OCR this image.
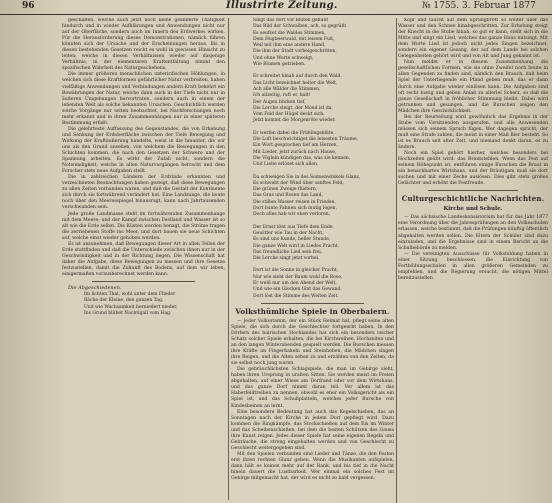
96	Illustrirte Zeitung.	№ 1755. 3. Februar 1877

geschaffen, welche auch jetzt noch keine geänderte Thätigkeit hindurch und in wieder Aufklärungen und Anwendungen nicht nur auf der Oberfläche, sondern auch im Innern des Erdwerkes wirken. Für die Herausforderung dieses Demonstrationen, nämlich führen könnten sich der Ursache und der Erscheinungen heraus. Bis in diesen bestehenden Gesetzen reicht es wohl in gewissen Hinsicht zu leiten; welche in diesen Verhältnissen wieder auf dasjenige Verhältnis, in der elementaren Kraftentfaltung nimmt den spezifischen Wahrheit des Naturgeschehens.

Die immer größeren menschlichen unterirdischen Höhlungen, in welchen sich diese Kraftformen gefährlicher Natur verbreiten, haben vielfältige Anwendungen und Verbindungen andern Kraft bekehrt ein Bewährungen der Natur, welche dann auch in der Tiefe nicht nur in äußeren Umgebungen hervortraten, sondern auch in einem der lebenden Welt als solche bekannten Ursachen. Geschichtlich werden solche Vorgänge nur selten beobachtet, bei Nachforschungen noch mehr erkannt und in ihren Zusammenhängen nur in einer späteren Bestimmung erfaßt.

Die gelehrteste Auffassung des Gegenstandes, die von Erhebung und Senkung der Erdoberfläche zwischen der Tiefe Bewegung und Wirkung der Kraftäußerung handelte, weist in die hinunter, die wir uns als den Grund ansehen, von welchem die Bewegungen in den Schichten kommen, die nach den Gesetzen der Schwere und der Spannung arbeiten. Es wirkt der Zufall nicht, sondern die Notwendigkeit, welche in allen Naturvorgängen herrscht und dem Forscher stets neue Aufgaben stellt.

Die in zahlreichen Ländern der Erdrinde erkannten und verzeichneten Beobachtungen haben gezeigt, daß diese Bewegungen zu allen Zeiten vorhanden waren, und daß die Gestalt der Kontinente sich durch sie fortwährend verändert hat. Eine Landzunge, die heute noch über den Meeresspiegel hinausragt, kann nach Jahrtausenden verschwunden sein.

Jede große Landmasse steht im fortwährenden Zusammenhange mit dem Meere; und der Kampf zwischen Festland und Wasser ist so alt wie die Erde selbst. Die Küsten werden benagt, die Ströme tragen die zerriebenen Stoffe ins Meer, und dort bauen sie neue Schichten auf, welche einst wieder gehoben werden.

Es ist anzunehmen, daß Bewegungen dieser Art in allen Teilen der Erde stattfinden und daß die Unterschiede zwischen ihnen nur in der Geschwindigkeit und in der Richtung liegen. Die Wissenschaft hat daher die Aufgabe, diese Bewegungen zu messen und ihre Gesetze festzustellen, damit die Zukunft des Bodens, auf dem wir leben, einigermaßen vorausberechnet werden kann.

Die Abgeschiedenen.

Im lichten Thal, wohl unter dem Flieder

Bäche der Kleine, den ganzen Tag.

Und wie Wachsamkeit herniedert nieder,

Ins Grund blühet Nachtigall vom Hag.

Singt das dort vor Blüten gehüllt

Das Bild der Schwalben, ach, so gegrüßt

Es seufzet die Waldes Stimmen,

Dem Hugbeerwald, mit leisem Fuß,

Weil mit ihm eine andere Hand,

Die ihm der Stadt vorbeigeschritten,

Und ohne Worte schwelgt,

Wie Blumen getrieben.

Er schreitet hinab auf durch den Wald,

Das Licht bezeichnet heiter die Welt,

Ach alle Wälder die Stimmen,

Ich allzeitig, ruft er, halt!

Der Augen blicken tief,

Die Lerche steigt, der Mond ist da,

Vom Feld der Hügel deckt sich,

Jetzt kommt die Morgenröte wieder.

Er werfen dabei die Frühlingsblüte,

Die Luft beschwichtiget die leisesten Träume,

Ein Wort gesprochen tief am Herzen,

Mit Lieder, jetzt zurück nach Hause,

Die Vöglein kündigen das, was sie kennen,

Und Liebe erlöset sich allen,

Da schweigen Sie in des Sonnenwinkels Glanz,

Es schwebt der Wind über sanftes Feld,

Die grünen Zweige flüstern,

Das Gras und Rosen das Land,

Die stillen Wasser reisen in Frieden,

Dort bunte Fahnen sich mutig legen,

Doch alles hab wir eben verloren,

Der Ernst tönt aus Tiefe dem Ende,

Gewitter wie Tau in der Nacht,

Es sind uns Kunde, heller Stunde,

Die ganze Welt wird in Liedes Pracht,

Das freundliche Lied sein frei,

Die Lerche singt jetzt vorbei.

Dort ist die Sonne in gleicher Pracht,

Nur wie sieht der Baum wohl die Rose,

Er weiß nur um den Abend der Welt,

Und wie ein Glocken tönt das Gewand,

Dort löst die Stimme des Weiten Zeit.

Volksthümliche Spiele in Oberbaiern.

— Jeder Volksstamm, der ein Stück Heimat hat, pflegt seine alten Spiele, die sich durch die Geschlechter fortgeerbt haben. In den Dörfern des bairischen Hochlandes hat sich ein besonders reicher Schatz solcher Spiele erhalten, die bei Kirchweihen, Hochzeiten und an den langen Winterabenden gespielt werden. Die Burschen messen ihre Kräfte im Fingerhakeln und Steinheben, die Mädchen singen ihre Reigen, und die Alten sehen zu und erzählen von den Zeiten, da sie selbst noch jung waren.

Die gebräuchlichsten Schlagspiele, die man im Gebirge sieht, haben ihren Ursprung in uralten Sitten. Sie werden meist im Freien abgehalten, auf einer Wiese am Dorfrand oder vor dem Wirtshaus, und das ganze Dorf nimmt daran teil. Vor allem ist das Haberfeldtreiben zu nennen, obwohl es eher ein Volksgericht als ein Spiel ist, und das Schuhplatteln, welches jeder Bursche von Kindesbeinen an lernt.

Eine besondere Bedeutung hat auch das Kegelschieben, das an Sonntagen nach der Kirche in jedem Dorf gepflegt wird. Dazu kommen die Ringkämpfe, das Stockschießen auf dem Eis im Winter und das Scheibenschießen, bei dem die besten Schützen des Gaues ihre Kunst zeigen. Jedes dieser Spiele hat seine eigenen Regeln und Gebräuche, die streng eingehalten werden und von Geschlecht zu Geschlecht weitergegeben sind.

Mit den Spielen verbunden sind Lieder und Tänze, die den Festen erst ihren rechten Glanz geben. Wenn die Musikanten aufspielen, dann hält es keinen mehr auf der Bank, und bis tief in die Nacht hinein dauert die Lustbarkeit. Wer einmal ein solches Fest im Gebirge mitgemacht hat, der wird es nicht so bald vergessen.

Kopf und taucht auf dem Sprungbrett so weiter über das Wasser und den Schnee hinabgeschritten. Zur Erholung steigt der Knecht in die Stube hinab, so gut er kann, stellt sich in die Mitte und singt ein Lied, welches das ganze Haus mitsingt. Mit dem Worte Lied ist jedoch nicht jedes Singen bezeichnet, sondern ein eigener Gesang, der auf dem Lande bei solchen Gelegenheiten gehört wird und von Alt und Jung gekannt ist.

Nun meldet er in diesem Zusammenhang die gesellschaftlichen Formen, wie sie ohne Zweifel noch heute in allen Gegenden zu finden sind, nämlich den Brauch, daß beim Spiel der Unterliegende ein Pfand geben muß, das er dann durch eine Aufgabe wieder einlösen kann. Die Aufgaben sind oft recht lustig und geben Anlaß zu allerlei Scherz, so daß die ganze Gesellschaft in fröhlicher Stimmung bleibt. Dabei wird getrunken und gesungen, und die Burschen zeigen den Mädchen ihre Geschicklichkeit.

Bei der Beurteilung wird gewöhnlich das Ergebnis in der Stube vom Vorsitzenden ausgerufen, und alle Anwesenden müssen sich seinem Spruch fügen. Wer dagegen spricht, der muß eine Strafe zahlen, die meist in einer Maß Bier besteht. So ist es Brauch seit alter Zeit, und niemand denkt daran, es zu ändern.

Noch ein Spiel gehört hierher, welches besonders bei Hochzeiten geübt wird: das Brautstehlen. Wenn das Fest auf seinem Höhepunkt ist, entführen einige Burschen die Braut in ein benachbartes Wirtshaus, und der Bräutigam muß sie dort suchen und mit einer Zeche auslösen. Dies gibt stets großes Gelächter und erhöht die Festfreude.

Culturgeschichtliche Nachrichten.
Kirche und Schule.

— Das sächsische Landeskonsistorium hat für das Jahr 1877 eine Verordnung über die Jahresprüfungen an den Volksschulen erlassen, welche bestimmt, daß die Prüfungen künftig öffentlich abgehalten werden sollen. Die Eltern der Schüler sind dazu einzuladen, und die Ergebnisse sind in einem Bericht an die Schulbehörde zu melden.

— Die vereinigten Ausschüsse für Volksbildung haben in einer Sitzung beschlossen, die Einrichtung von Fortbildungsschulen in allen größeren Gemeinden zu empfehlen, und die Regierung ersucht, die nötigen Mittel bereitzustellen.
